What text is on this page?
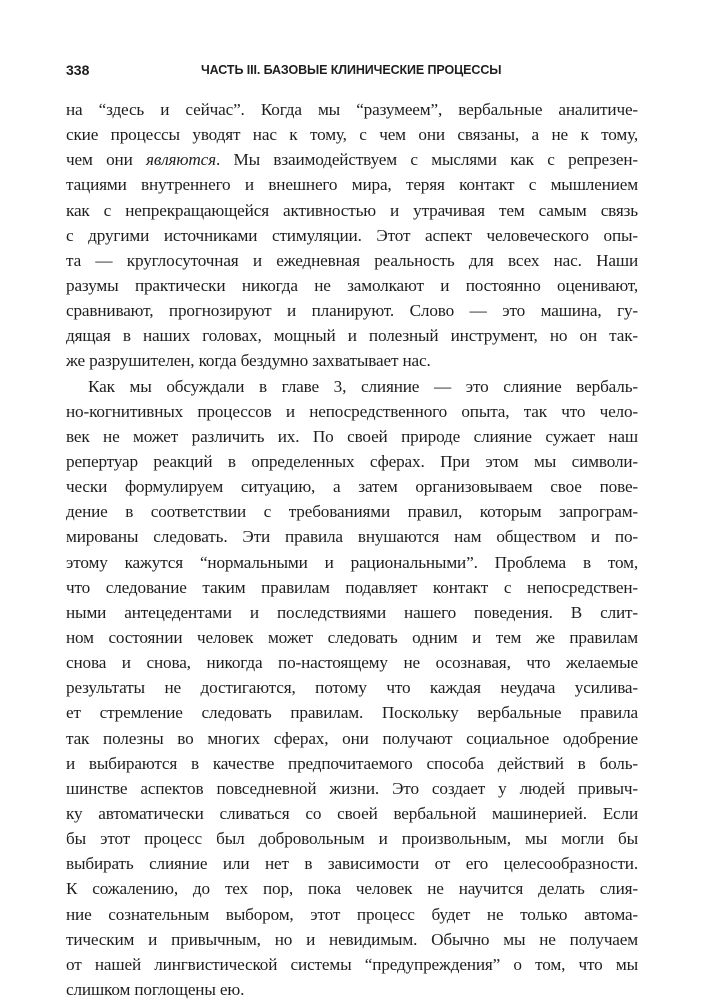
338	ЧАСТЬ III. БАЗОВЫЕ КЛИНИЧЕСКИЕ ПРОЦЕССЫ
на “здесь и сейчас”. Когда мы “разумеем”, вербальные аналитиче-
ские процессы уводят нас к тому, с чем они связаны, а не к тому,
чем они являются. Мы взаимодействуем с мыслями как с репрезен-
тациями внутреннего и внешнего мира, теряя контакт с мышлением
как с непрекращающейся активностью и утрачивая тем самым связь
с другими источниками стимуляции. Этот аспект человеческого опы-
та — круглосуточная и ежедневная реальность для всех нас. Наши
разумы практически никогда не замолкают и постоянно оценивают,
сравнивают, прогнозируют и планируют. Слово — это машина, гу-
дящая в наших головах, мощный и полезный инструмент, но он так-
же разрушителен, когда бездумно захватывает нас.
Как мы обсуждали в главе 3, слияние — это слияние вербаль-
но-когнитивных процессов и непосредственного опыта, так что чело-
век не может различить их. По своей природе слияние сужает наш
репертуар реакций в определенных сферах. При этом мы символи-
чески формулируем ситуацию, а затем организовываем свое пове-
дение в соответствии с требованиями правил, которым запрограм-
мированы следовать. Эти правила внушаются нам обществом и по-
этому кажутся “нормальными и рациональными”. Проблема в том,
что следование таким правилам подавляет контакт с непосредствен-
ными антецедентами и последствиями нашего поведения. В слит-
ном состоянии человек может следовать одним и тем же правилам
снова и снова, никогда по-настоящему не осознавая, что желаемые
результаты не достигаются, потому что каждая неудача усилива-
ет стремление следовать правилам. Поскольку вербальные правила
так полезны во многих сферах, они получают социальное одобрение
и выбираются в качестве предпочитаемого способа действий в боль-
шинстве аспектов повседневной жизни. Это создает у людей привыч-
ку автоматически сливаться со своей вербальной машинерией. Если
бы этот процесс был добровольным и произвольным, мы могли бы
выбирать слияние или нет в зависимости от его целесообразности.
К сожалению, до тех пор, пока человек не научится делать слия-
ние сознательным выбором, этот процесс будет не только автома-
тическим и привычным, но и невидимым. Обычно мы не получаем
от нашей лингвистической системы “предупреждения” о том, что мы
слишком поглощены ею.
